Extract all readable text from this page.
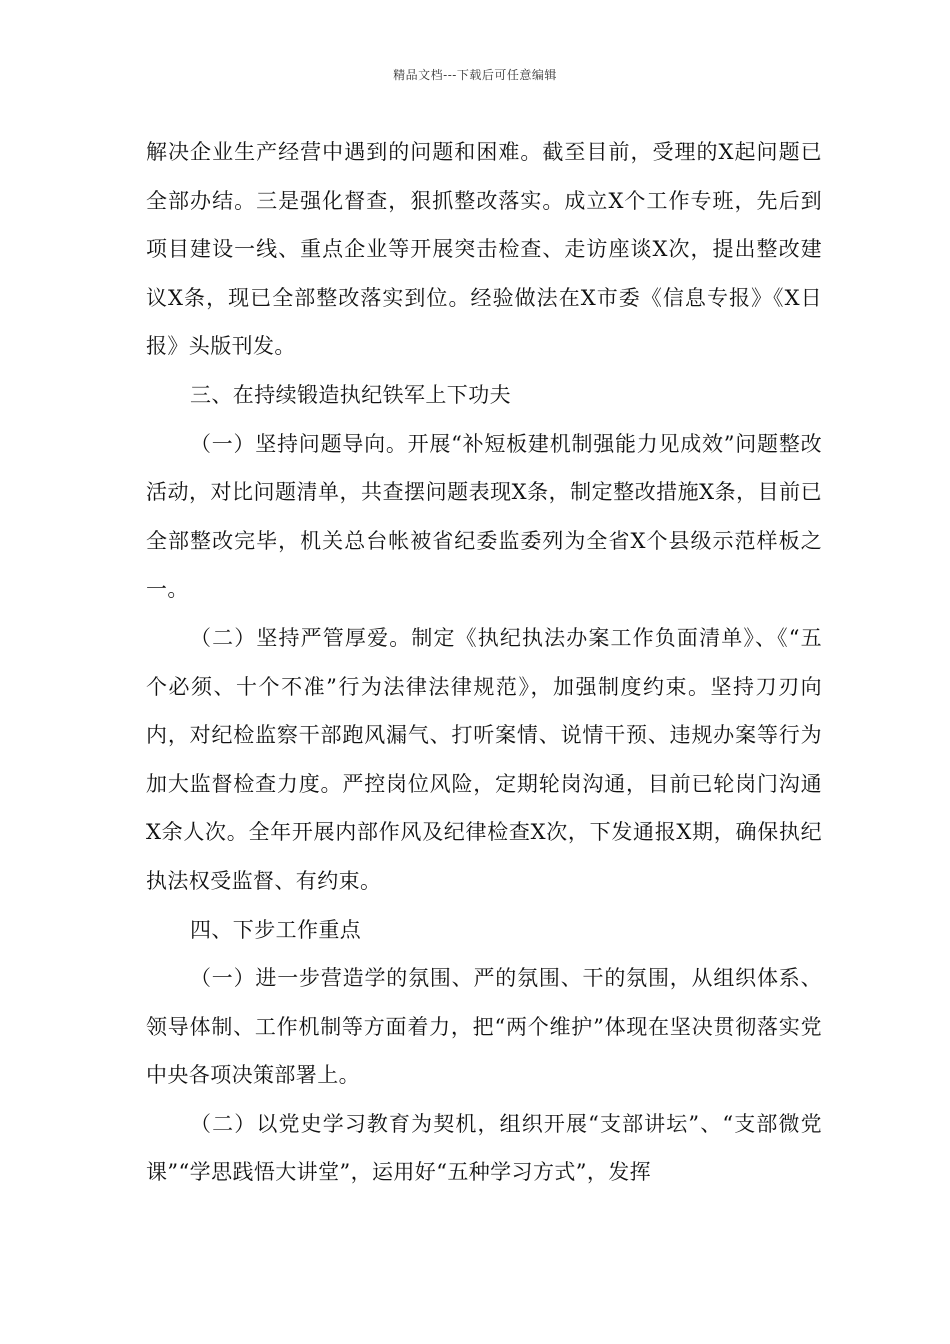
精品文档---下载后可任意编辑

解决企业生产经营中遇到的问题和困难。截至目前，受理的X起问题已全部办结。三是强化督查，狠抓整改落实。成立X个工作专班，先后到项目建设一线、重点企业等开展突击检查、走访座谈X次，提出整改建议X条，现已全部整改落实到位。经验做法在X市委《信息专报》《X日报》头版刊发。

三、在持续锻造执纪铁军上下功夫

（一）坚持问题导向。开展“补短板建机制强能力见成效”问题整改活动，对比问题清单，共查摆问题表现X条，制定整改措施X条，目前已全部整改完毕，机关总台帐被省纪委监委列为全省X个县级示范样板之一。

（二）坚持严管厚爱。制定《执纪执法办案工作负面清单》、《“五个必须、十个不准”行为法律法律规范》，加强制度约束。坚持刀刃向内，对纪检监察干部跑风漏气、打听案情、说情干预、违规办案等行为加大监督检查力度。严控岗位风险，定期轮岗沟通，目前已轮岗门沟通X余人次。全年开展内部作风及纪律检查X次，下发通报X期，确保执纪执法权受监督、有约束。

四、下步工作重点

（一）进一步营造学的氛围、严的氛围、干的氛围，从组织体系、领导体制、工作机制等方面着力，把“两个维护”体现在坚决贯彻落实党中央各项决策部署上。

（二）以党史学习教育为契机，组织开展“支部讲坛”、“支部微党课”“学思践悟大讲堂”，运用好“五种学习方式”，发挥
